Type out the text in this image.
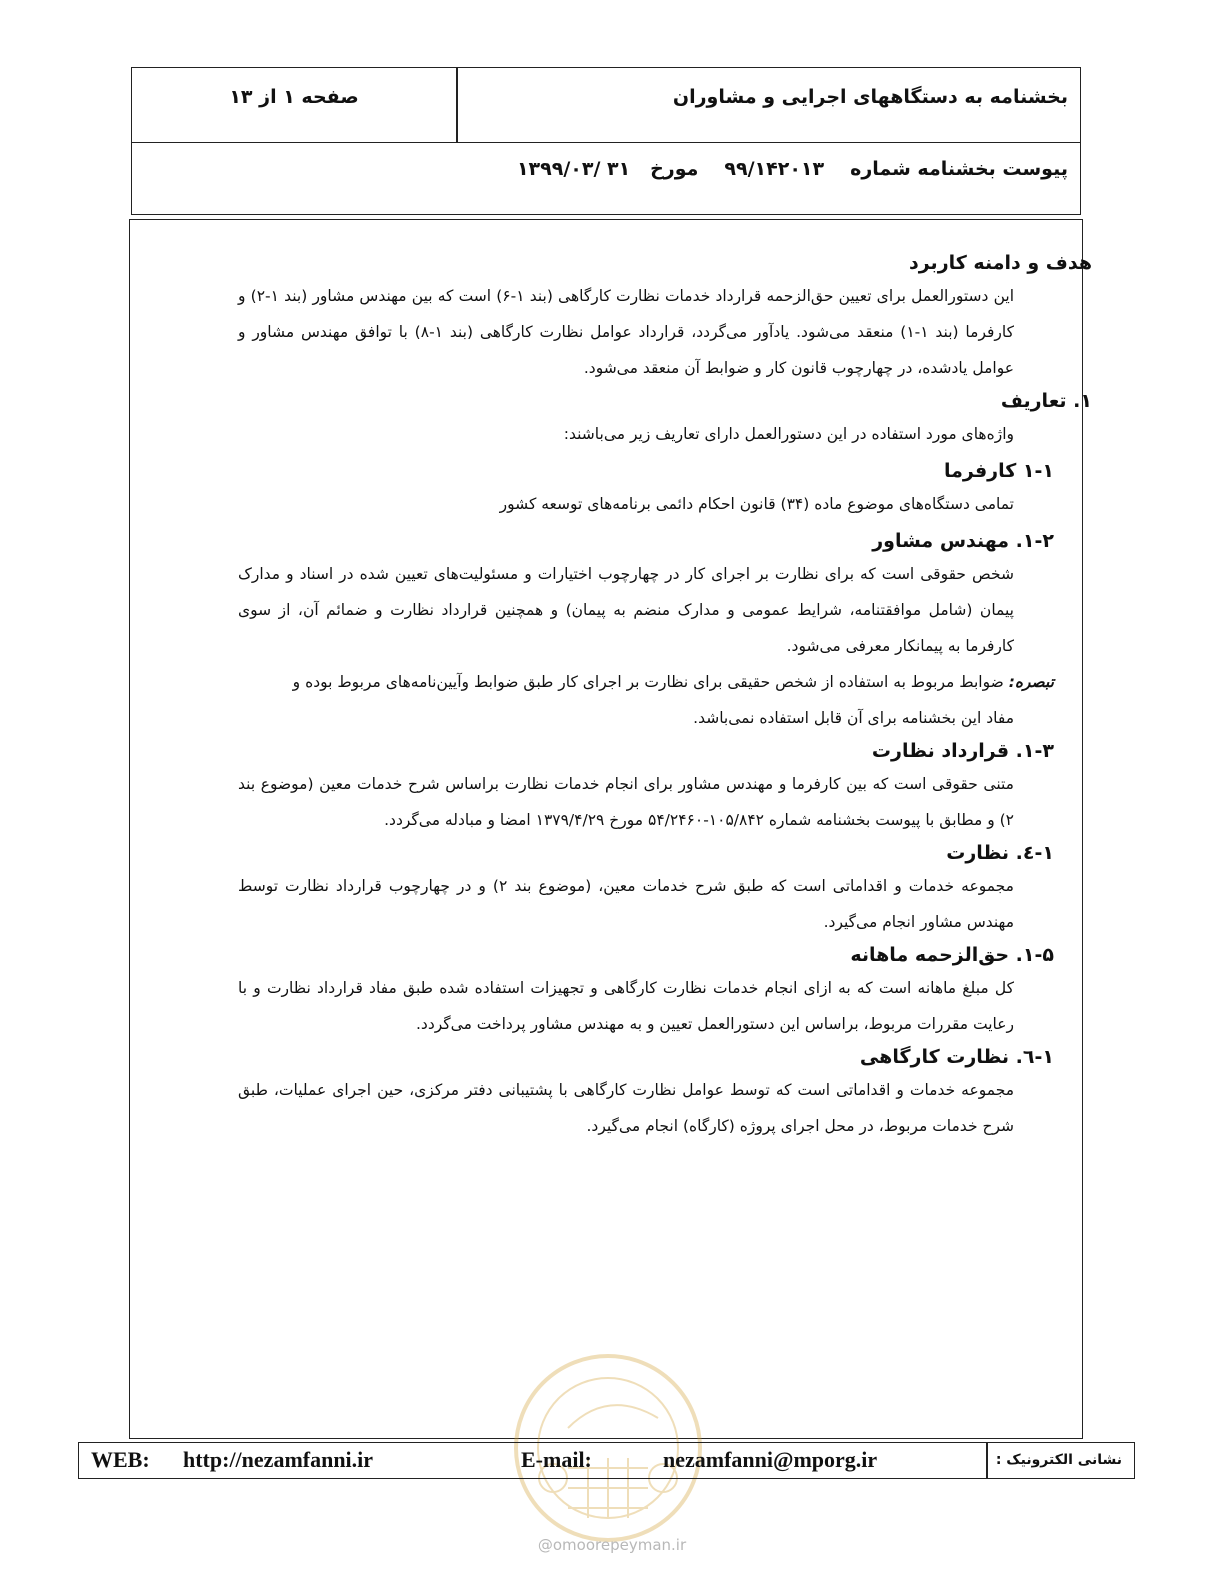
بخشنامه به دستگاههای اجرایی و مشاوران
صفحه ۱ از ۱۳
پیوست بخشنامه شماره۹۹/۱۴۲۰۱۳مورخ   ۳۱ /۱۳۹۹/۰۳

هدف و دامنه کاربرد

این دستورالعمل برای تعیین حق‌الزحمه قرارداد خدمات نظارت کارگاهی (بند ۱-۶) است که بین مهندس مشاور (بند ۱-۲) و کارفرما (بند ۱-۱) منعقد می‌شود. یادآور می‌گردد، قرارداد عوامل نظارت کارگاهی (بند ۱-۸) با توافق مهندس مشاور و عوامل یادشده، در چهارچوب قانون کار و ضوابط آن منعقد می‌شود.

۱. تعاریف

واژه‌های مورد استفاده در این دستورالعمل دارای تعاریف زیر می‌باشند:

۱-۱ کارفرما

تمامی دستگاه‌های موضوع ماده (۳۴) قانون احکام دائمی برنامه‌های توسعه کشور

۱-۲. مهندس مشاور

شخص حقوقی است که برای نظارت بر اجرای کار در چهارچوب اختیارات و مسئولیت‌های تعیین شده در اسناد و مدارک پیمان (شامل موافقتنامه، شرایط عمومی و مدارک منضم به پیمان) و همچنین قرارداد نظارت و ضمائم آن، از سوی کارفرما به پیمانکار معرفی می‌شود.

تبصره: ضوابط مربوط به استفاده از شخص حقیقی برای نظارت بر اجرای کار طبق ضوابط وآیین‌نامه‌های مربوط بوده و
مفاد این بخشنامه برای آن قابل استفاده نمی‌باشد.

۱-۳. قرارداد نظارت

متنی حقوقی است که بین کارفرما و مهندس مشاور برای انجام خدمات نظارت براساس شرح خدمات معین (موضوع بند ۲) و مطابق با پیوست بخشنامه شماره ۱۰۵/۸۴۲-۵۴/۲۴۶۰ مورخ ۱۳۷۹/۴/۲۹ امضا و مبادله می‌گردد.

۱-٤. نظارت

مجموعه خدمات و اقداماتی است که طبق شرح خدمات معین، (موضوع بند ۲) و در چهارچوب قرارداد نظارت توسط مهندس مشاور انجام می‌گیرد.

۱-۵. حق‌الزحمه ماهانه

کل مبلغ ماهانه است که به ازای انجام خدمات نظارت کارگاهی و تجهیزات استفاده شده طبق مفاد قرارداد نظارت و با رعایت مقررات مربوط، براساس این دستورالعمل تعیین و به مهندس مشاور پرداخت می‌گردد.

۱-٦. نظارت کارگاهی

مجموعه خدمات و اقداماتی است که توسط عوامل نظارت کارگاهی با پشتیبانی دفتر مرکزی، حین اجرای عملیات، طبق شرح خدمات مربوط، در محل اجرای پروژه (کارگاه) انجام می‌گیرد.

WEB: http://nezamfanni.ir	E-mail:	nezamfanni@mporg.ir	نشانی الکترونیک :
@omoorepeyman.ir
